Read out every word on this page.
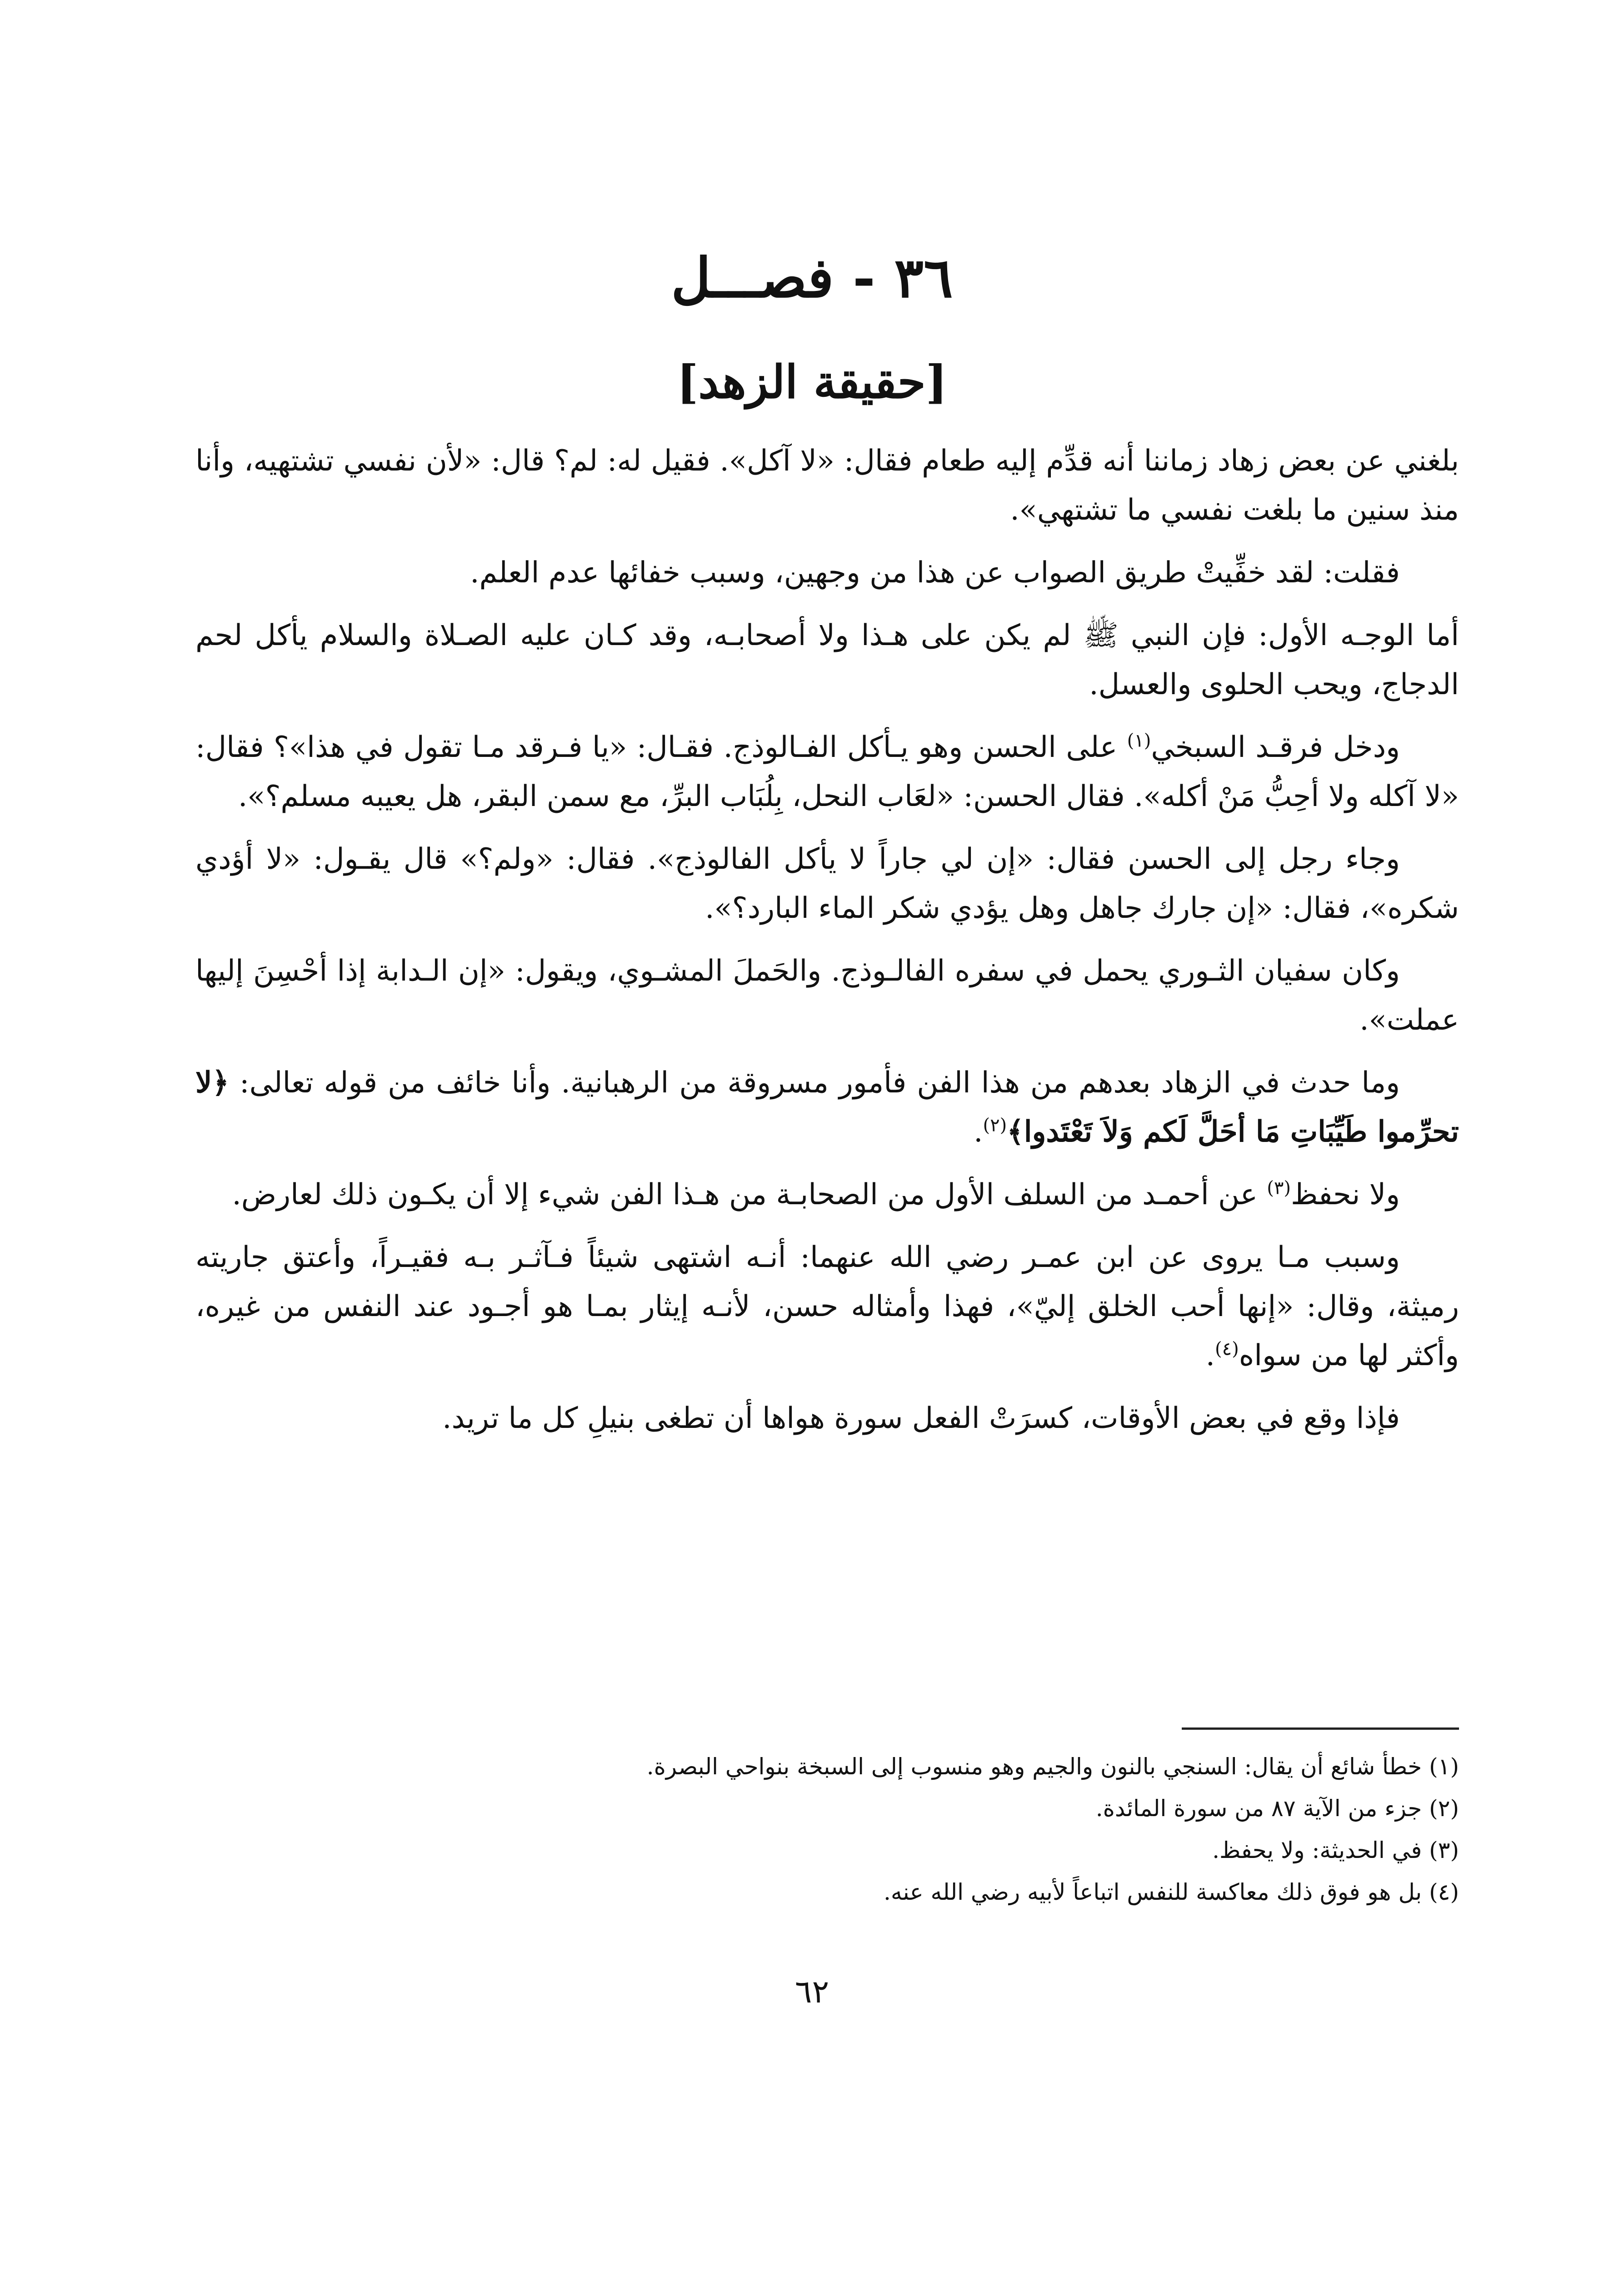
٣٦ - فصـــل
[حقيقة الزهد]

بلغني عن بعض زهاد زماننا أنه قدِّم إليه طعام فقال: «لا آكل». فقيل له: لم؟ قال: «لأن نفسي تشتهيه، وأنا منذ سنين ما بلغت نفسي ما تشتهي».

فقلت: لقد خفِّيتْ طريق الصواب عن هذا من وجهين، وسبب خفائها عدم العلم.

أما الوجـه الأول: فإن النبي ﷺ لم يكن على هـذا ولا أصحابـه، وقد كـان عليه الصـلاة والسلام يأكل لحم الدجاج، ويحب الحلوى والعسل.

ودخل فرقـد السبخي$^{(١)}$ على الحسن وهو يـأكل الفـالوذج. فقـال: «يا فـرقد مـا تقول في هذا»؟ فقال: «لا آكله ولا أحِبُّ مَنْ أكله». فقال الحسن: «لعَاب النحل، بِلُبَاب البرِّ، مع سمن البقر، هل يعيبه مسلم؟».

وجاء رجل إلى الحسن فقال: «إن لي جاراً لا يأكل الفالوذج». فقال: «ولم؟» قال يقـول: «لا أؤدي شكره»، فقال: «إن جارك جاهل وهل يؤدي شكر الماء البارد؟».

وكان سفيان الثـوري يحمل في سفره الفالـوذج. والحَملَ المشـوي، ويقول: «إن الـدابة إذا أحْسِنَ إليها عملت».

وما حدث في الزهاد بعدهم من هذا الفن فأمور مسروقة من الرهبانية. وأنا خائف من قوله تعالى: ﴿لا تحرِّموا طَيِّبَاتِ مَا أحَلَّ لَكم وَلاَ تَعْتَدوا﴾$^{(٢)}$.

ولا نحفظ$^{(٣)}$ عن أحمـد من السلف الأول من الصحابـة من هـذا الفن شيء إلا أن يكـون ذلك لعارض.

وسبب مـا يروى عن ابن عمـر رضي الله عنهما: أنـه اشتهى شيئاً فـآثـر بـه فقيـراً، وأعتق جاريته رميثة، وقال: «إنها أحب الخلق إليّ»، فهذا وأمثاله حسن، لأنـه إيثار بمـا هو أجـود عند النفس من غيره، وأكثر لها من سواه$^{(٤)}$.

فإذا وقع في بعض الأوقات، كسرَتْ الفعل سورة هواها أن تطغى بنيلِ كل ما تريد.

(١) خطأ شائع أن يقال: السنجي بالنون والجيم وهو منسوب إلى السبخة بنواحي البصرة.

(٢) جزء من الآية ٨٧ من سورة المائدة.

(٣) في الحديثة: ولا يحفظ.

(٤) بل هو فوق ذلك معاكسة للنفس اتباعاً لأبيه رضي الله عنه.

٦٢
